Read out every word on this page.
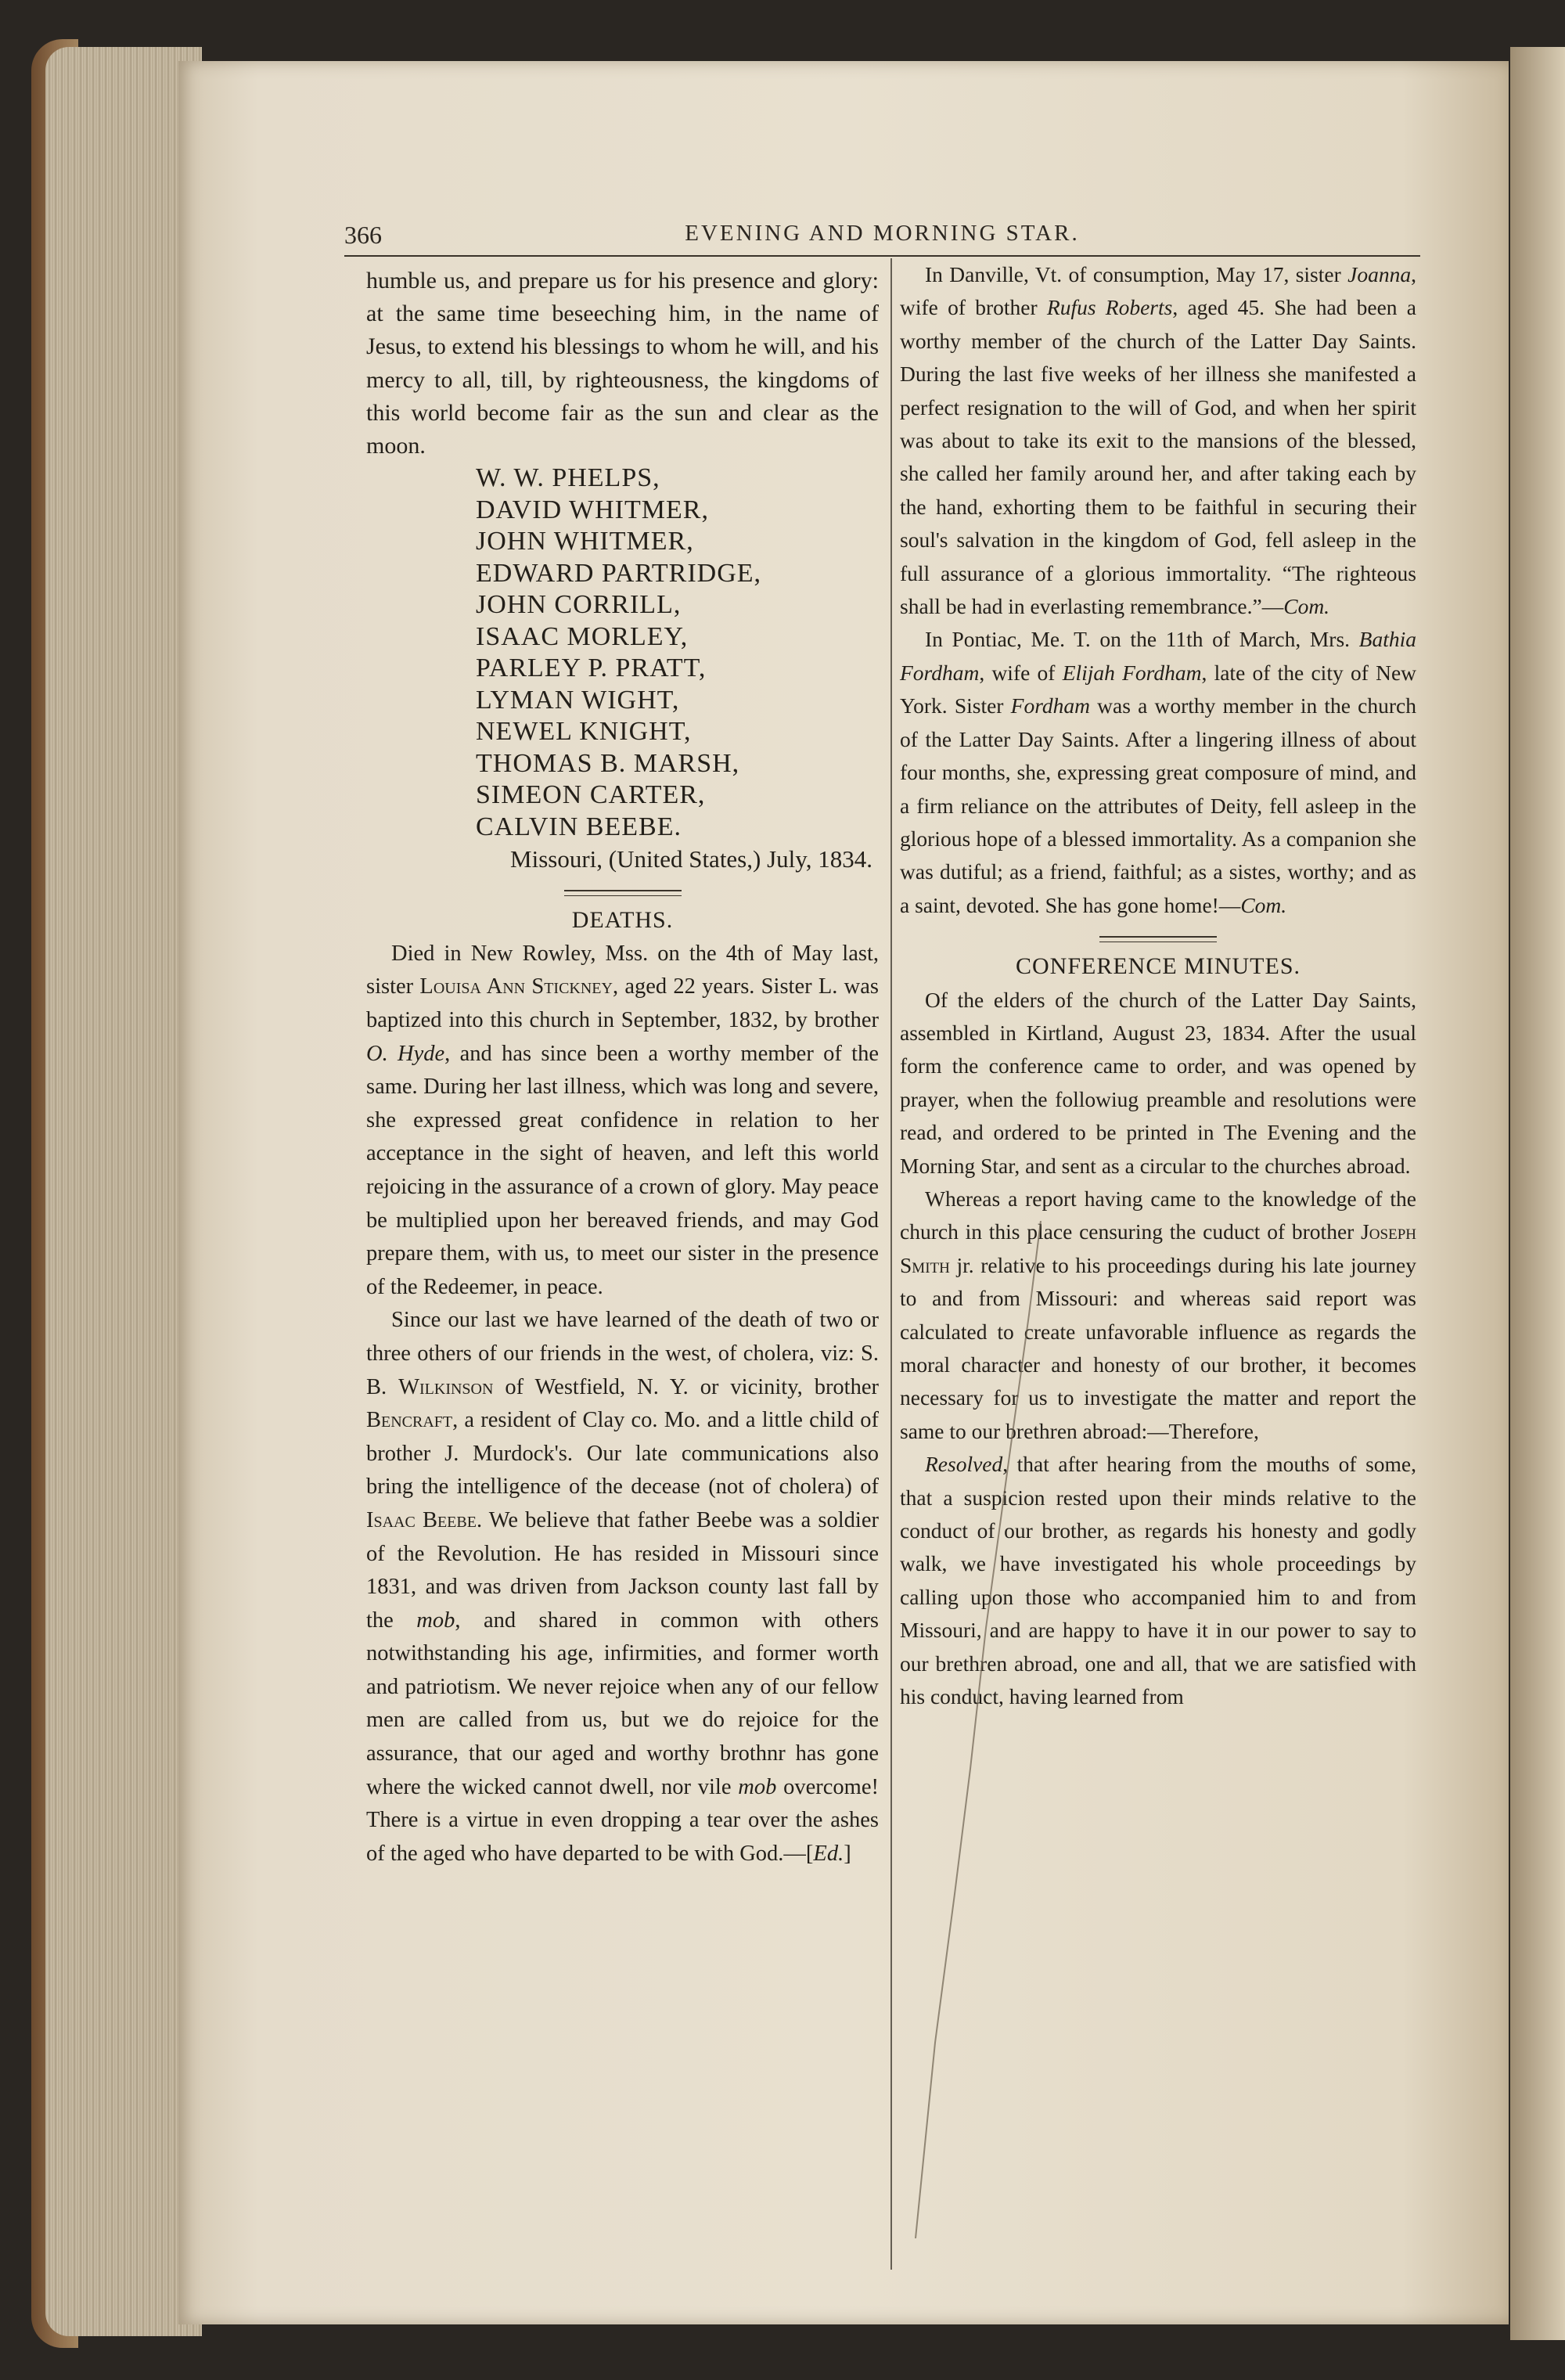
366	EVENING AND MORNING STAR.

humble us, and prepare us for his presence and glory: at the same time beseeching him, in the name of Jesus, to extend his blessings to whom he will, and his mercy to all, till, by righteousness, the kingdoms of this world become fair as the sun and clear as the moon.

W. W. PHELPS,
DAVID WHITMER,
JOHN WHITMER,
EDWARD PARTRIDGE,
JOHN CORRILL,
ISAAC MORLEY,
PARLEY P. PRATT,
LYMAN WIGHT,
NEWEL KNIGHT,
THOMAS B. MARSH,
SIMEON CARTER,
CALVIN BEEBE.
Missouri, (United States,) July, 1834.

DEATHS.

Died in New Rowley, Mss. on the 4th of May last, sister Louisa Ann Stickney, aged 22 years. Sister L. was baptized into this church in September, 1832, by brother O. Hyde, and has since been a worthy member of the same. During her last illness, which was long and severe, she expressed great confidence in relation to her acceptance in the sight of heaven, and left this world rejoicing in the assurance of a crown of glory. May peace be multiplied upon her bereaved friends, and may God prepare them, with us, to meet our sister in the presence of the Redeemer, in peace.

Since our last we have learned of the death of two or three others of our friends in the west, of cholera, viz: S. B. Wilkinson of Westfield, N. Y. or vicinity, brother Bencraft, a resident of Clay co. Mo. and a little child of brother J. Murdock's. Our late communications also bring the intelligence of the decease (not of cholera) of Isaac Beebe. We believe that father Beebe was a soldier of the Revolution. He has resided in Missouri since 1831, and was driven from Jackson county last fall by the mob, and shared in common with others notwithstanding his age, infirmities, and former worth and patriotism. We never rejoice when any of our fellow men are called from us, but we do rejoice for the assurance, that our aged and worthy brothnr has gone where the wicked cannot dwell, nor vile mob overcome! There is a virtue in even dropping a tear over the ashes of the aged who have departed to be with God.—[Ed.]

In Danville, Vt. of consumption, May 17, sister Joanna, wife of brother Rufus Roberts, aged 45. She had been a worthy member of the church of the Latter Day Saints. During the last five weeks of her illness she manifested a perfect resignation to the will of God, and when her spirit was about to take its exit to the mansions of the blessed, she called her family around her, and after taking each by the hand, exhorting them to be faithful in securing their soul's salvation in the kingdom of God, fell asleep in the full assurance of a glorious immortality. “The righteous shall be had in everlasting remembrance.”—Com.

In Pontiac, Me. T. on the 11th of March, Mrs. Bathia Fordham, wife of Elijah Fordham, late of the city of New York. Sister Fordham was a worthy member in the church of the Latter Day Saints. After a lingering illness of about four months, she, expressing great composure of mind, and a firm reliance on the attributes of Deity, fell asleep in the glorious hope of a blessed immortality. As a companion she was dutiful; as a friend, faithful; as a sistes, worthy; and as a saint, devoted. She has gone home!—Com.

CONFERENCE MINUTES.

Of the elders of the church of the Latter Day Saints, assembled in Kirtland, August 23, 1834. After the usual form the conference came to order, and was opened by prayer, when the followiug preamble and resolutions were read, and ordered to be printed in The Evening and the Morning Star, and sent as a circular to the churches abroad.

Whereas a report having came to the knowledge of the church in this place censuring the cuduct of brother Joseph Smith jr. relative to his proceedings during his late journey to and from Missouri: and whereas said report was calculated to create unfavorable influence as regards the moral character and honesty of our brother, it becomes necessary for us to investigate the matter and report the same to our brethren abroad:—Therefore,

Resolved, that after hearing from the mouths of some, that a suspicion rested upon their minds relative to the conduct of our brother, as regards his honesty and godly walk, we have investigated his whole proceedings by calling upon those who accompanied him to and from Missouri, and are happy to have it in our power to say to our brethren abroad, one and all, that we are satisfied with his conduct, having learned from
